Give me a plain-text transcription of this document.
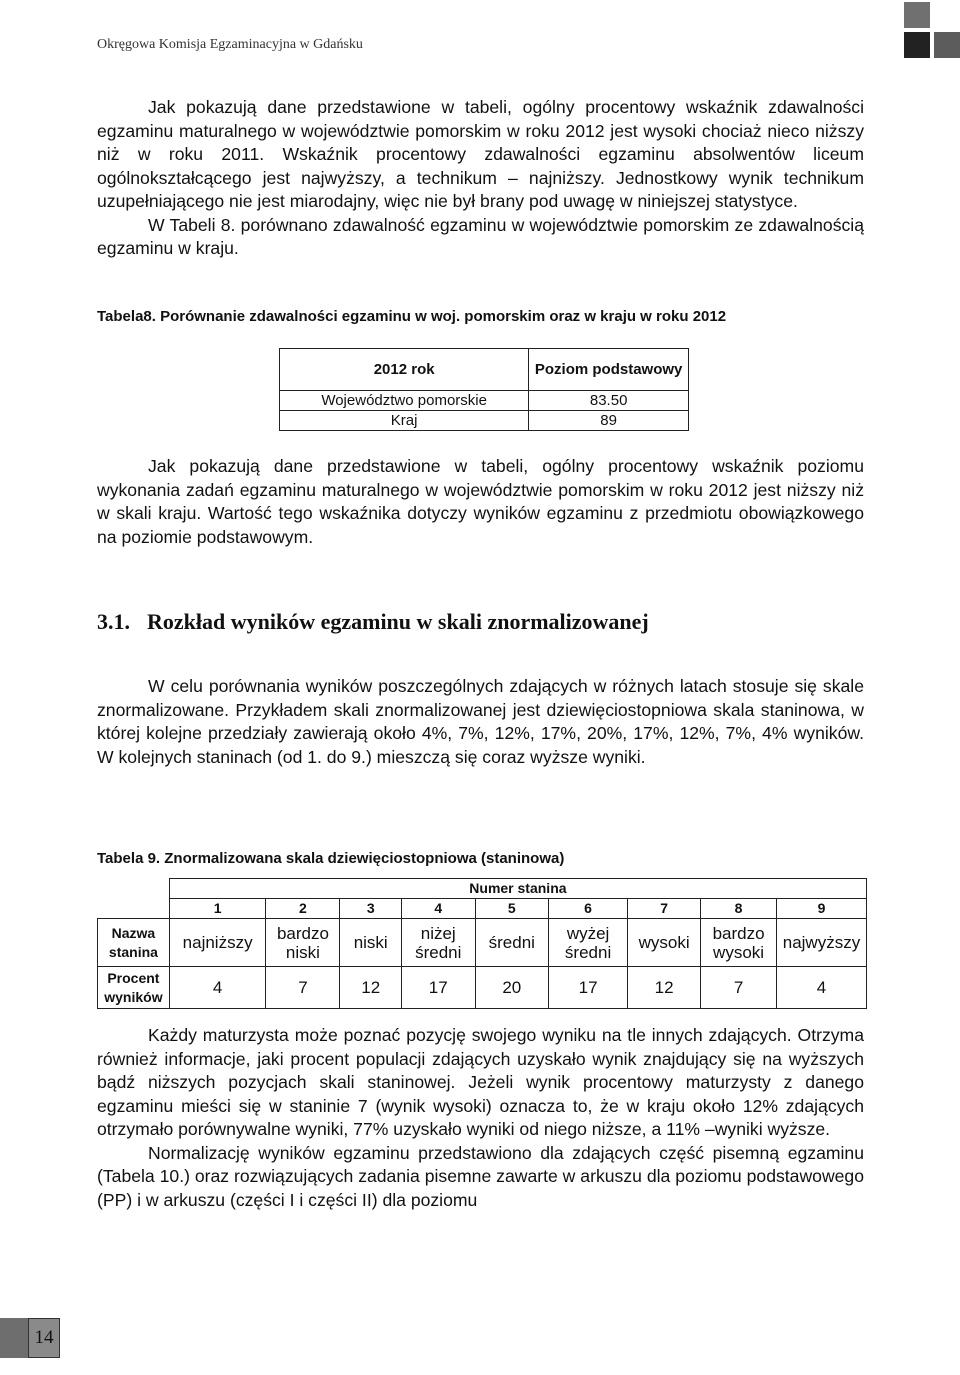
Okręgowa Komisja Egzaminacyjna w Gdańsku

Jak pokazują dane przedstawione w tabeli, ogólny procentowy wskaźnik zdawalności egzaminu maturalnego w województwie pomorskim w roku 2012 jest wysoki chociaż nieco niższy niż w roku 2011. Wskaźnik procentowy zdawalności egzaminu absolwentów liceum ogólnokształcącego jest najwyższy, a technikum – najniższy. Jednostkowy wynik technikum uzupełniającego nie jest miarodajny, więc nie był brany pod uwagę w niniejszej statystyce.

W Tabeli 8. porównano zdawalność egzaminu w województwie pomorskim ze zdawalnością egzaminu w kraju.

Tabela8. Porównanie zdawalności egzaminu w woj. pomorskim oraz w kraju w roku 2012
2012 rok	Poziom podstawowy
Województwo pomorskie	83.50
Kraj	89

Jak pokazują dane przedstawione w tabeli, ogólny procentowy wskaźnik poziomu wykonania zadań egzaminu maturalnego w województwie pomorskim w roku 2012 jest niższy niż w skali kraju. Wartość tego wskaźnika dotyczy wyników egzaminu z przedmiotu obowiązkowego na poziomie podstawowym.

3.1. Rozkład wyników egzaminu w skali znormalizowanej

W celu porównania wyników poszczególnych zdających w różnych latach stosuje się skale znormalizowane. Przykładem skali znormalizowanej jest dziewięciostopniowa skala staninowa, w której kolejne przedziały zawierają około 4%, 7%, 12%, 17%, 20%, 17%, 12%, 7%, 4% wyników. W kolejnych staninach (od 1. do 9.) mieszczą się coraz wyższe wyniki.

Tabela 9. Znormalizowana skala dziewięciostopniowa (staninowa)
	Numer stanina								
	1	2	3	4	5	6	7	8	9
Nazwa stanina	najniższy	bardzo niski	niski	niżej średni	średni	wyżej średni	wysoki	bardzo wysoki	najwyższy
Procent wyników	4	7	12	17	20	17	12	7	4

Każdy maturzysta może poznać pozycję swojego wyniku na tle innych zdających. Otrzyma również informacje, jaki procent populacji zdających uzyskało wynik znajdujący się na wyższych bądź niższych pozycjach skali staninowej. Jeżeli wynik procentowy maturzysty z danego egzaminu mieści się w staninie 7 (wynik wysoki) oznacza to, że w kraju około 12% zdających otrzymało porównywalne wyniki, 77% uzyskało wyniki od niego niższe, a 11% –wyniki wyższe.

Normalizację wyników egzaminu przedstawiono dla zdających część pisemną egzaminu (Tabela 10.) oraz rozwiązujących zadania pisemne zawarte w arkuszu dla poziomu podstawowego (PP) i w arkuszu (części I i części II) dla poziomu

14
